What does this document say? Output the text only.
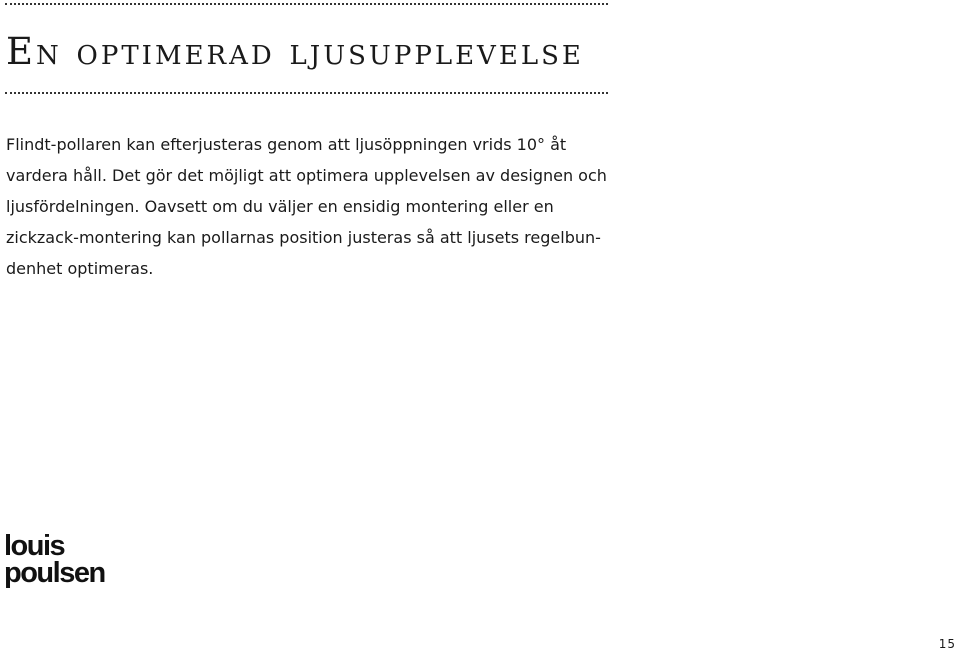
En optimerad ljusupplevelse

Flindt-pollaren kan efterjusteras genom att ljusöppningen vrids 10° åt vardera håll. Det gör det möjligt att optimera upplevelsen av designen och ljusfördelningen. Oavsett om du väljer en ensidig montering eller en zickzack-montering kan pollarnas position justeras så att ljusets regelbundenhet optimeras.

louis
poulsen
15
